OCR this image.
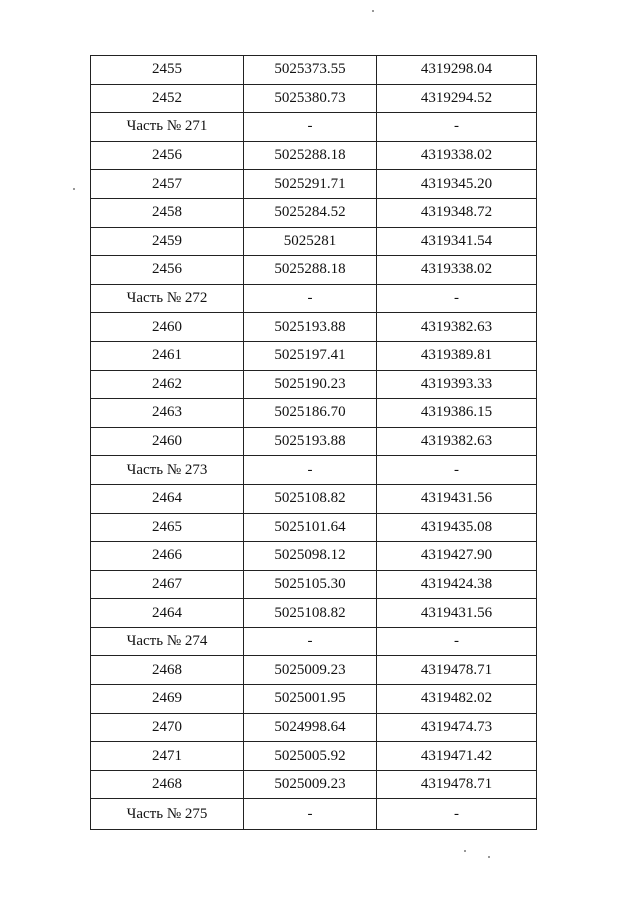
2455	5025373.55	4319298.04
2452	5025380.73	4319294.52
Часть № 271	-	-
2456	5025288.18	4319338.02
2457	5025291.71	4319345.20
2458	5025284.52	4319348.72
2459	5025281	4319341.54
2456	5025288.18	4319338.02
Часть № 272	-	-
2460	5025193.88	4319382.63
2461	5025197.41	4319389.81
2462	5025190.23	4319393.33
2463	5025186.70	4319386.15
2460	5025193.88	4319382.63
Часть № 273	-	-
2464	5025108.82	4319431.56
2465	5025101.64	4319435.08
2466	5025098.12	4319427.90
2467	5025105.30	4319424.38
2464	5025108.82	4319431.56
Часть № 274	-	-
2468	5025009.23	4319478.71
2469	5025001.95	4319482.02
2470	5024998.64	4319474.73
2471	5025005.92	4319471.42
2468	5025009.23	4319478.71
Часть № 275	-	-
